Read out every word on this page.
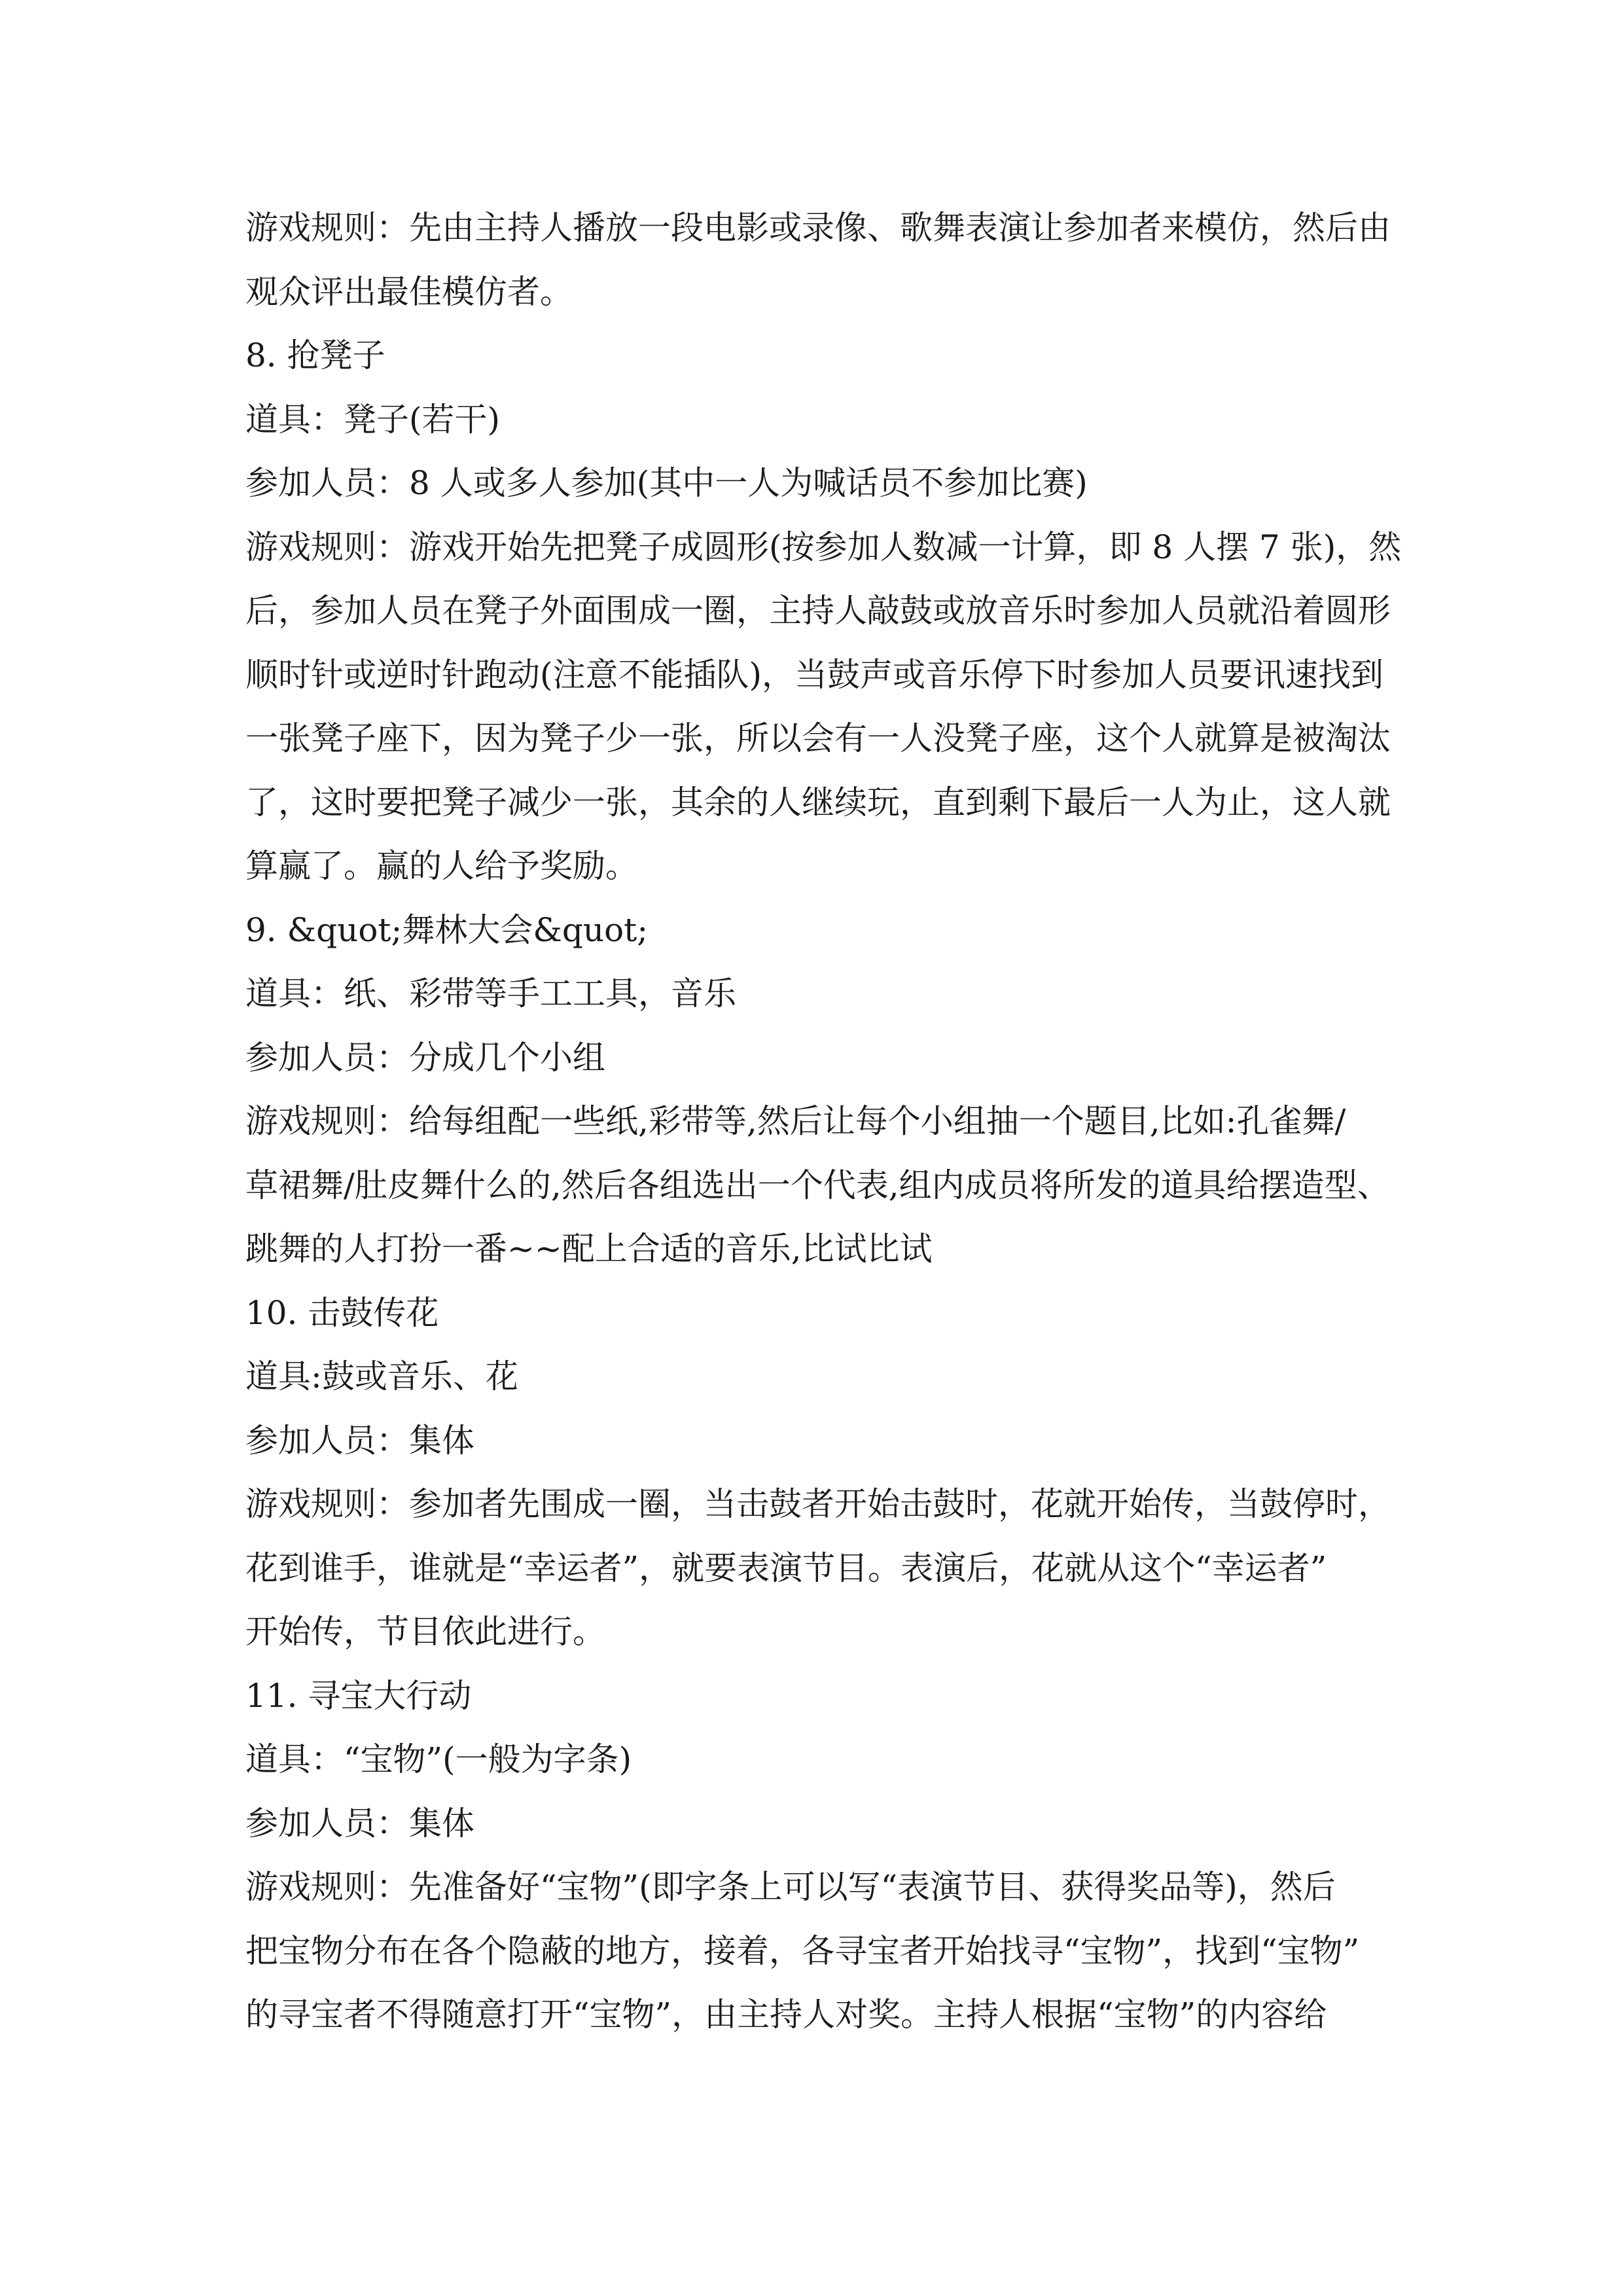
游戏规则：先由主持人播放一段电影或录像、歌舞表演让参加者来模仿，然后由
观众评出最佳模仿者。
8. 抢凳子
道具：凳子(若干)
参加人员：8 人或多人参加(其中一人为喊话员不参加比赛)
游戏规则：游戏开始先把凳子成圆形(按参加人数减一计算，即 8 人摆 7 张)，然
后，参加人员在凳子外面围成一圈，主持人敲鼓或放音乐时参加人员就沿着圆形
顺时针或逆时针跑动(注意不能插队)，当鼓声或音乐停下时参加人员要讯速找到
一张凳子座下，因为凳子少一张，所以会有一人没凳子座，这个人就算是被淘汰
了，这时要把凳子减少一张，其余的人继续玩，直到剩下最后一人为止，这人就
算赢了。赢的人给予奖励。
9. &quot;舞林大会&quot;
道具：纸、彩带等手工工具，音乐
参加人员：分成几个小组
游戏规则：给每组配一些纸,彩带等,然后让每个小组抽一个题目,比如:孔雀舞/
草裙舞/肚皮舞什么的,然后各组选出一个代表,组内成员将所发的道具给摆造型、
跳舞的人打扮一番~~配上合适的音乐,比试比试
10. 击鼓传花
道具:鼓或音乐、花
参加人员：集体
游戏规则：参加者先围成一圈，当击鼓者开始击鼓时，花就开始传，当鼓停时，
花到谁手，谁就是“幸运者”，就要表演节目。表演后，花就从这个“幸运者”
开始传，节目依此进行。
11. 寻宝大行动
道具：“宝物”(一般为字条)
参加人员：集体
游戏规则：先准备好“宝物”(即字条上可以写“表演节目、获得奖品等)，然后
把宝物分布在各个隐蔽的地方，接着，各寻宝者开始找寻“宝物”，找到“宝物”
的寻宝者不得随意打开“宝物”，由主持人对奖。主持人根据“宝物”的内容给
